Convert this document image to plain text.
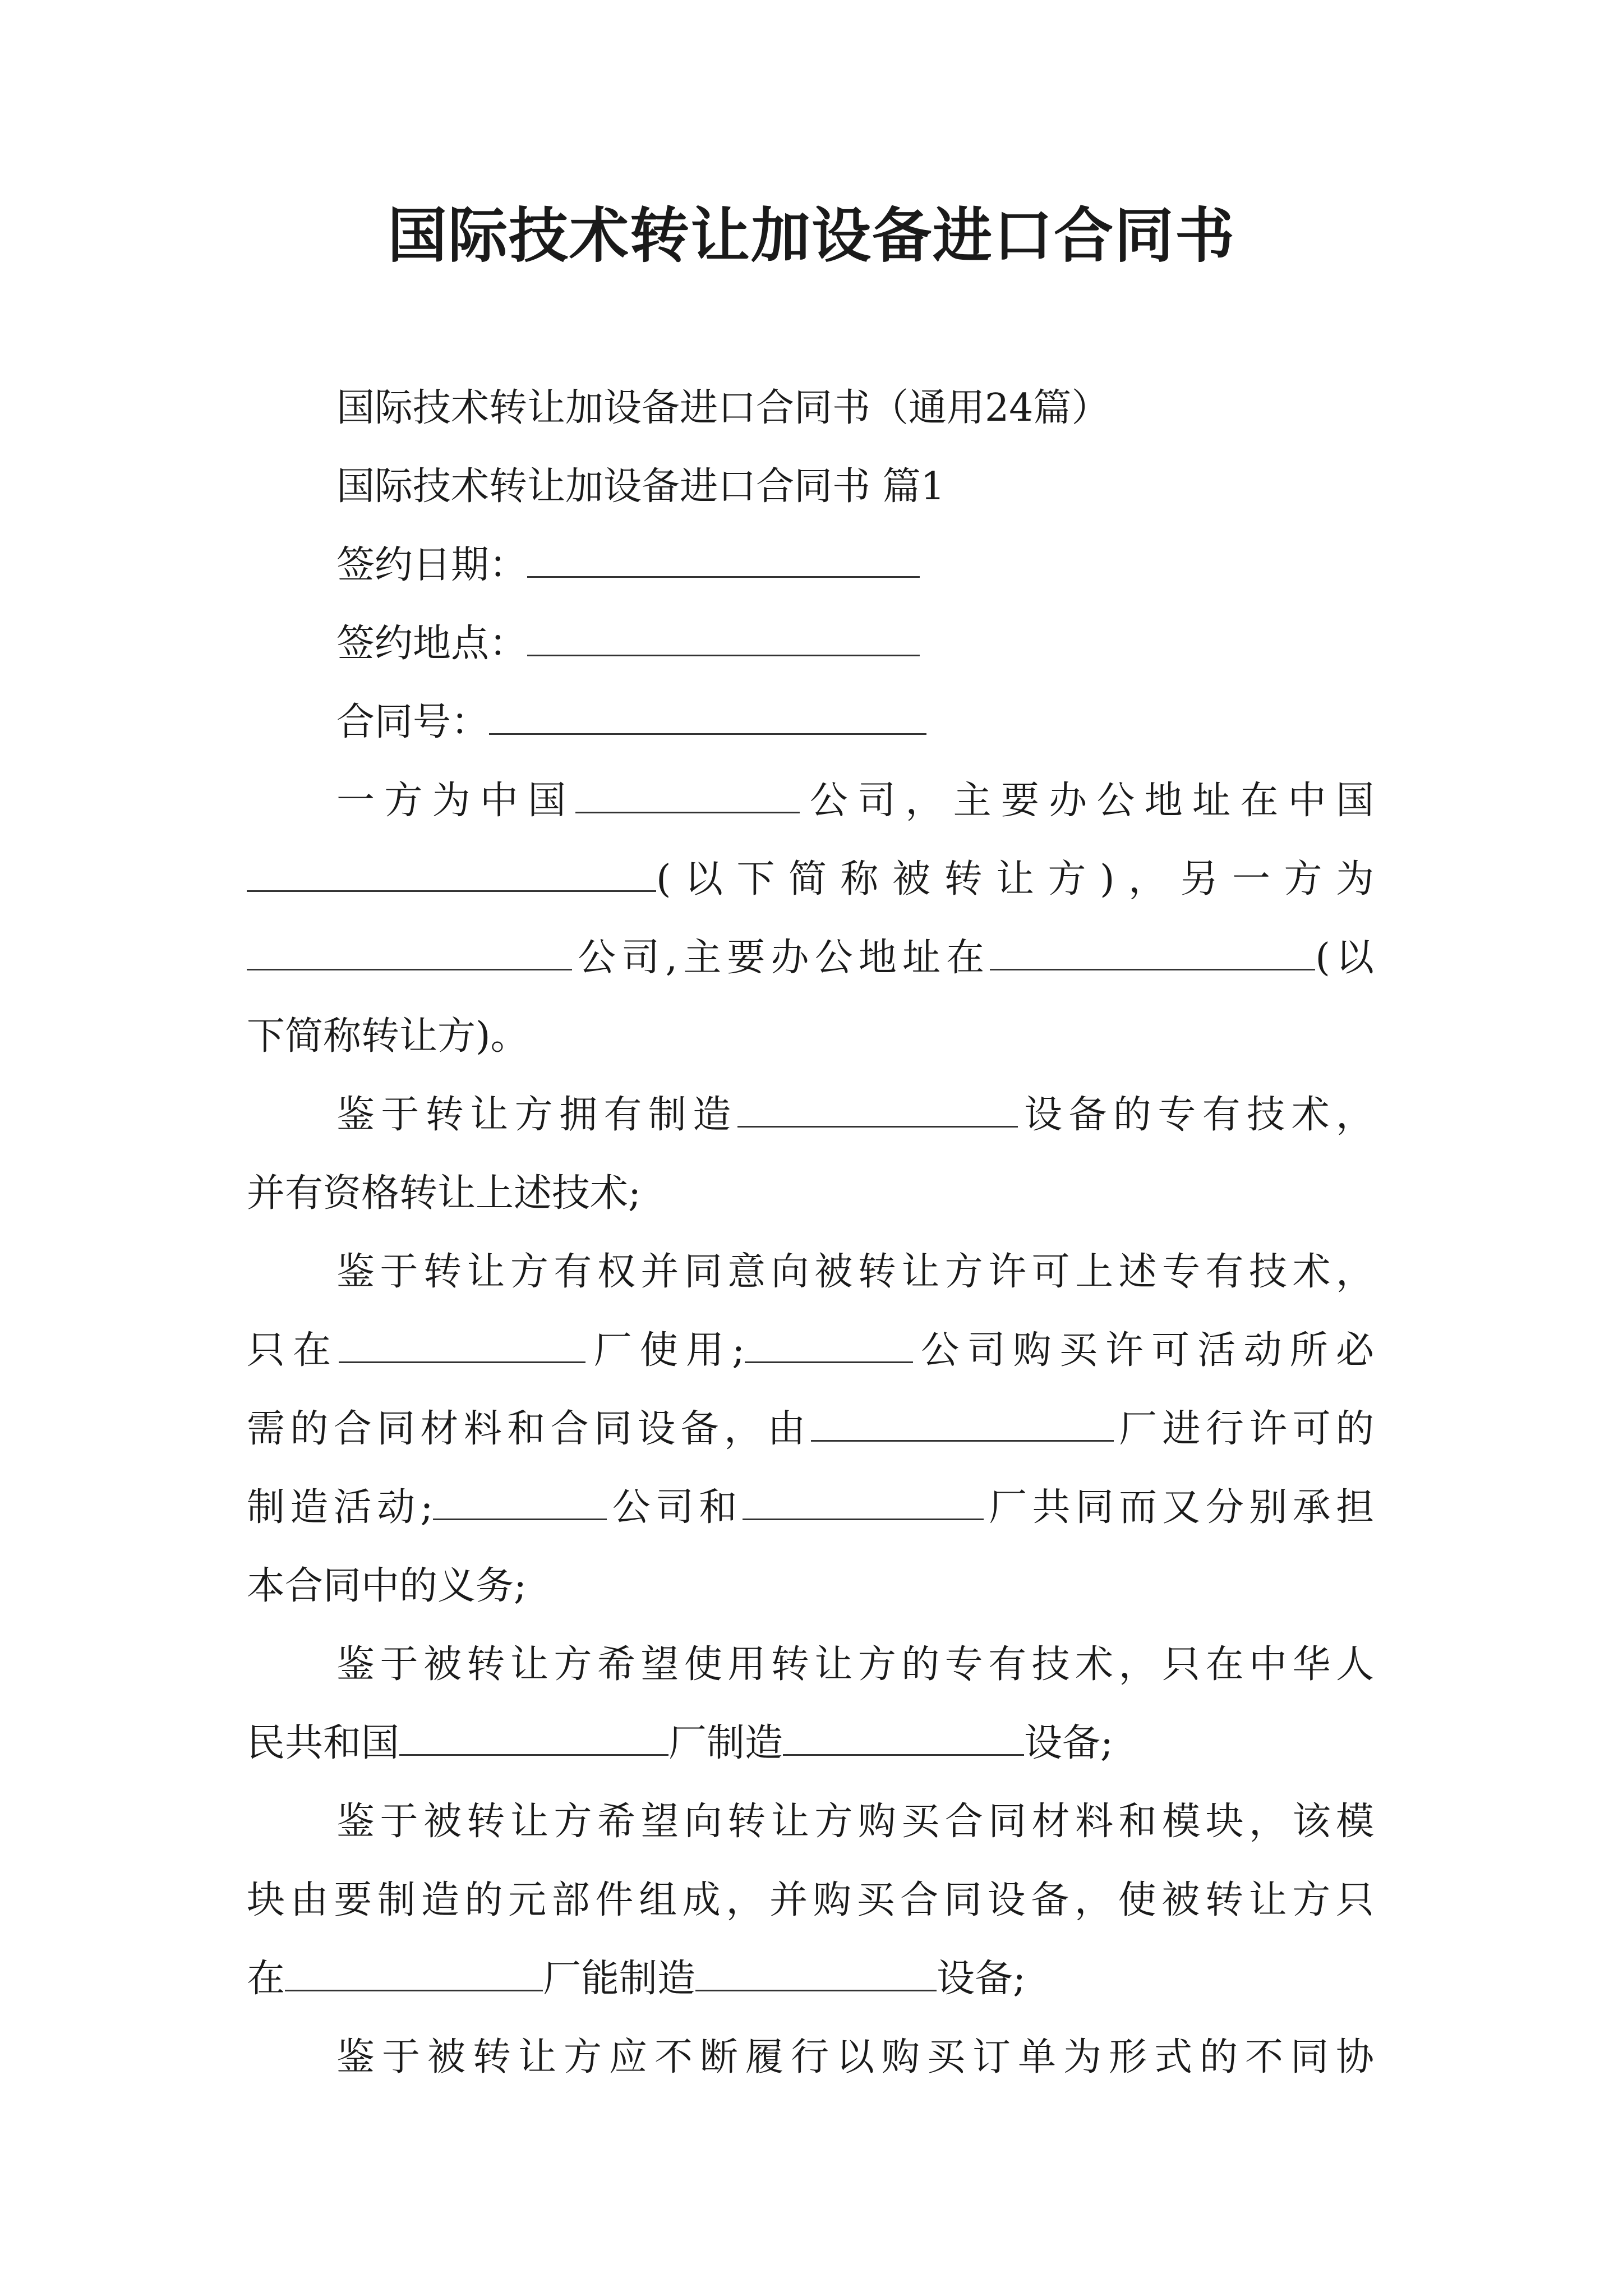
国际技术转让加设备进口合同书
国际技术转让加设备进口合同书（通用24篇）
国际技术转让加设备进口合同书 篇1
签约日期：
签约地点：
合同号：
一方为中国	公司，主要办公地址在中国
(以下简称被转让方)，另一方为
公司,主要办公地址在	(以
下简称转让方)。
鉴于转让方拥有制造	设备的专有技术，
并有资格转让上述技术;
鉴于转让方有权并同意向被转让方许可上述专有技术，
只在	厂使用;	公司购买许可活动所必
需的合同材料和合同设备，由	厂进行许可的
制造活动;	公司和	厂共同而又分别承担
本合同中的义务;
鉴于被转让方希望使用转让方的专有技术，只在中华人
民共和国	厂制造	设备;
鉴于被转让方希望向转让方购买合同材料和模块，该模
块由要制造的元部件组成，并购买合同设备，使被转让方只
在	厂能制造	设备;
鉴于被转让方应不断履行以购买订单为形式的不同协
